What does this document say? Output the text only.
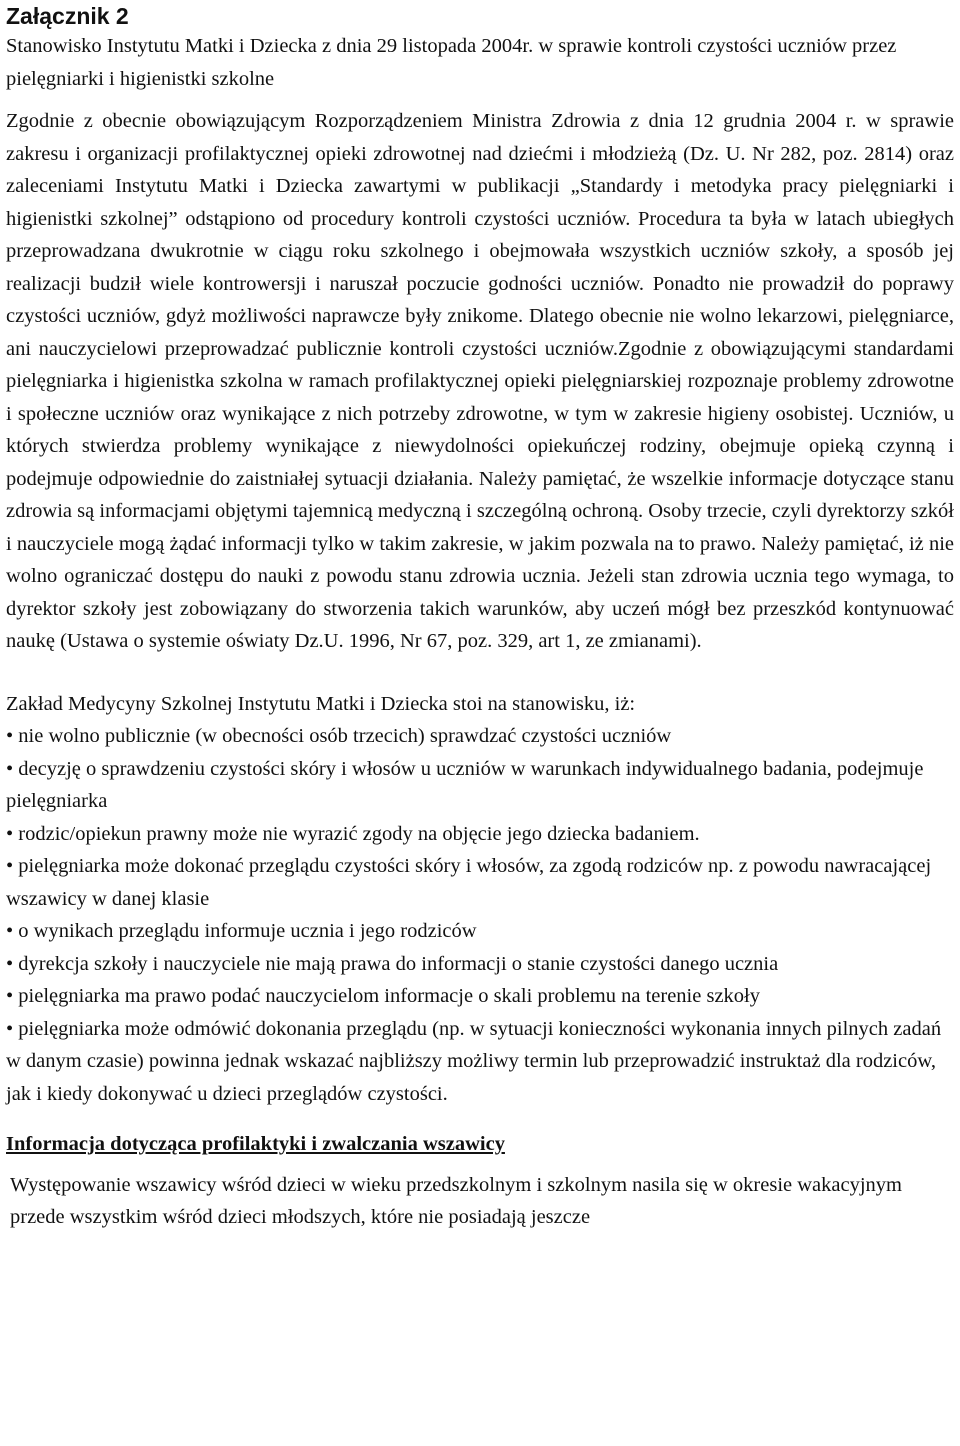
Załącznik 2

Stanowisko Instytutu Matki i Dziecka z dnia 29 listopada 2004r. w sprawie kontroli czystości uczniów przez pielęgniarki i higienistki szkolne

Zgodnie z obecnie obowiązującym Rozporządzeniem Ministra Zdrowia z dnia 12 grudnia 2004 r. w sprawie zakresu i organizacji profilaktycznej opieki zdrowotnej nad dziećmi i młodzieżą (Dz. U. Nr 282, poz. 2814) oraz zaleceniami Instytutu Matki i Dziecka zawartymi w publikacji „Standardy i metodyka pracy pielęgniarki i higienistki szkolnej” odstąpiono od procedury kontroli czystości uczniów. Procedura ta była w latach ubiegłych przeprowadzana dwukrotnie w ciągu roku szkolnego i obejmowała wszystkich uczniów szkoły, a sposób jej realizacji budził wiele kontrowersji i naruszał poczucie godności uczniów. Ponadto nie prowadził do poprawy czystości uczniów, gdyż możliwości naprawcze były znikome. Dlatego obecnie nie wolno lekarzowi, pielęgniarce, ani nauczycielowi przeprowadzać publicznie kontroli czystości uczniów.Zgodnie z obowiązującymi standardami pielęgniarka i higienistka szkolna w ramach profilaktycznej opieki pielęgniarskiej rozpoznaje problemy zdrowotne i społeczne uczniów oraz wynikające z nich potrzeby zdrowotne, w tym w zakresie higieny osobistej. Uczniów, u których stwierdza problemy wynikające z niewydolności opiekuńczej rodziny, obejmuje opieką czynną i podejmuje odpowiednie do zaistniałej sytuacji działania. Należy pamiętać, że wszelkie informacje dotyczące stanu zdrowia są informacjami objętymi tajemnicą medyczną i szczególną ochroną. Osoby trzecie, czyli dyrektorzy szkół i nauczyciele mogą żądać informacji tylko w takim zakresie, w jakim pozwala na to prawo. Należy pamiętać, iż nie wolno ograniczać dostępu do nauki z powodu stanu zdrowia ucznia. Jeżeli stan zdrowia ucznia tego wymaga, to dyrektor szkoły jest zobowiązany do stworzenia takich warunków, aby uczeń mógł bez przeszkód kontynuować naukę (Ustawa o systemie oświaty Dz.U. 1996, Nr 67, poz. 329, art 1, ze zmianami).

Zakład Medycyny Szkolnej Instytutu Matki i Dziecka stoi na stanowisku, iż:

• nie wolno publicznie (w obecności osób trzecich) sprawdzać czystości uczniów
• decyzję o sprawdzeniu czystości skóry i włosów u uczniów w warunkach indywidualnego badania, podejmuje pielęgniarka
• rodzic/opiekun prawny może nie wyrazić zgody na objęcie jego dziecka badaniem.
• pielęgniarka może dokonać przeglądu czystości skóry i włosów, za zgodą rodziców np. z powodu nawracającej wszawicy w danej klasie
• o wynikach przeglądu informuje ucznia i jego rodziców
• dyrekcja szkoły i nauczyciele nie mają prawa do informacji o stanie czystości danego ucznia
• pielęgniarka ma prawo podać nauczycielom informacje o skali problemu na terenie szkoły
• pielęgniarka może odmówić dokonania przeglądu (np. w sytuacji konieczności wykonania innych pilnych zadań w danym czasie) powinna jednak wskazać najbliższy możliwy termin lub przeprowadzić instruktaż dla rodziców, jak i kiedy dokonywać u dzieci przeglądów czystości.

Informacja dotycząca profilaktyki i zwalczania wszawicy

Występowanie wszawicy wśród dzieci w wieku przedszkolnym i szkolnym nasila się w okresie wakacyjnym przede wszystkim wśród dzieci młodszych, które nie posiadają jeszcze
